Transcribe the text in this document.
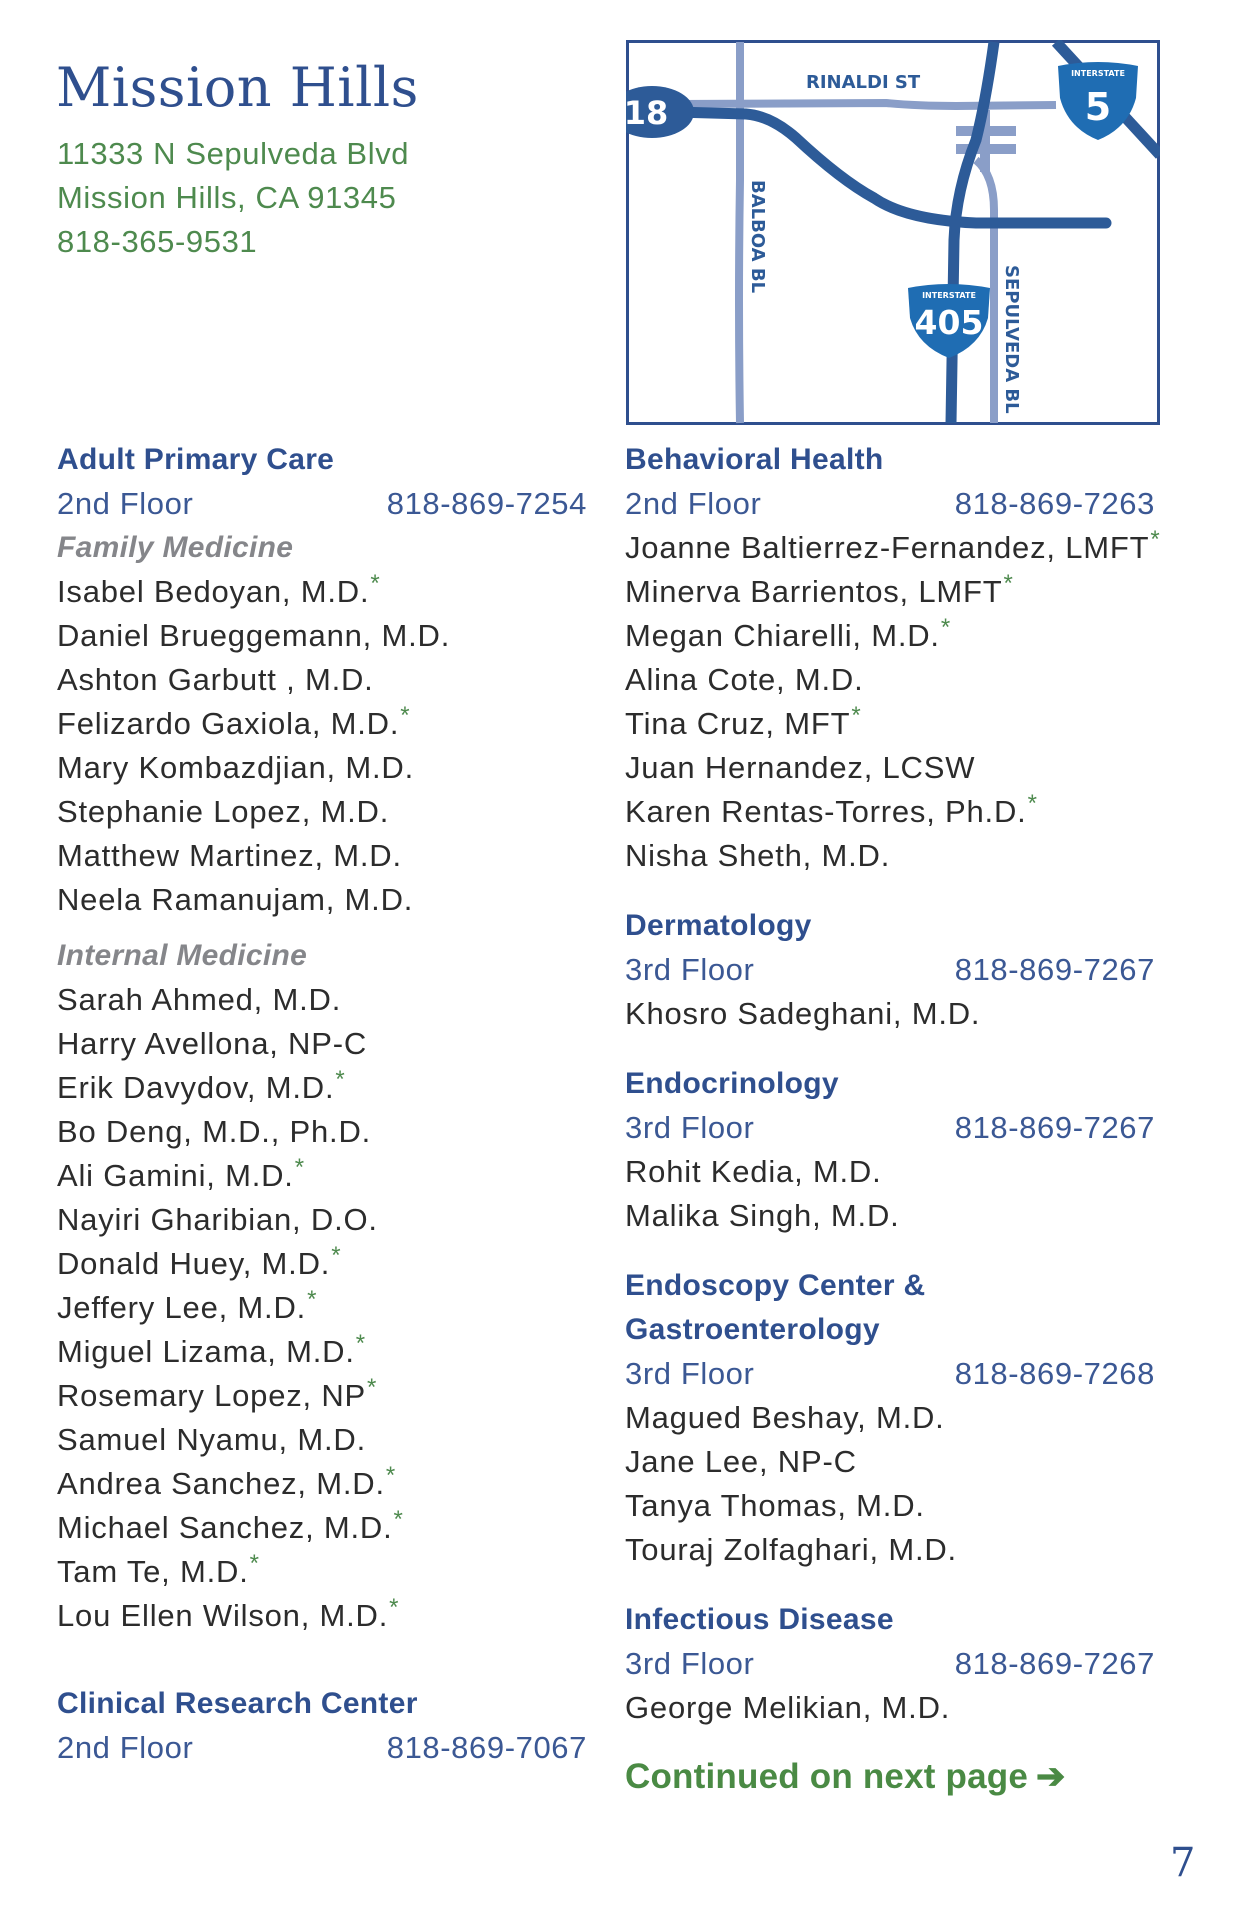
Mission Hills
11333 N Sepulveda Blvd
Mission Hills, CA 91345
818-365-9531
18
INTERSTATE
5
INTERSTATE
405
RINALDI ST
BALBOA BL
SEPULVEDA BL
Adult Primary Care
2nd Floor	818-869-7254
Family Medicine
Isabel Bedoyan, M.D.*
Daniel Brueggemann, M.D.
Ashton Garbutt , M.D.
Felizardo Gaxiola, M.D.*
Mary Kombazdjian, M.D.
Stephanie Lopez, M.D.
Matthew Martinez, M.D.
Neela Ramanujam, M.D.
Internal Medicine
Sarah Ahmed, M.D.
Harry Avellona, NP-C
Erik Davydov, M.D.*
Bo Deng, M.D., Ph.D.
Ali Gamini, M.D.*
Nayiri Gharibian, D.O.
Donald Huey, M.D.*
Jeffery Lee, M.D.*
Miguel Lizama, M.D.*
Rosemary Lopez, NP*
Samuel Nyamu, M.D.
Andrea Sanchez, M.D.*
Michael Sanchez, M.D.*
Tam Te, M.D.*
Lou Ellen Wilson, M.D.*
Clinical Research Center
2nd Floor	818-869-7067
Behavioral Health
2nd Floor	818-869-7263
Joanne Baltierrez-Fernandez, LMFT*
Minerva Barrientos, LMFT*
Megan Chiarelli, M.D.*
Alina Cote, M.D.
Tina Cruz, MFT*
Juan Hernandez, LCSW
Karen Rentas-Torres, Ph.D.*
Nisha Sheth, M.D.
Dermatology
3rd Floor	818-869-7267
Khosro Sadeghani, M.D.
Endocrinology
3rd Floor	818-869-7267
Rohit Kedia, M.D.
Malika Singh, M.D.
Endoscopy Center &
Gastroenterology
3rd Floor	818-869-7268
Magued Beshay, M.D.
Jane Lee, NP-C
Tanya Thomas, M.D.
Touraj Zolfaghari, M.D.
Infectious Disease
3rd Floor	818-869-7267
George Melikian, M.D.
Continued on next page ➔
7
